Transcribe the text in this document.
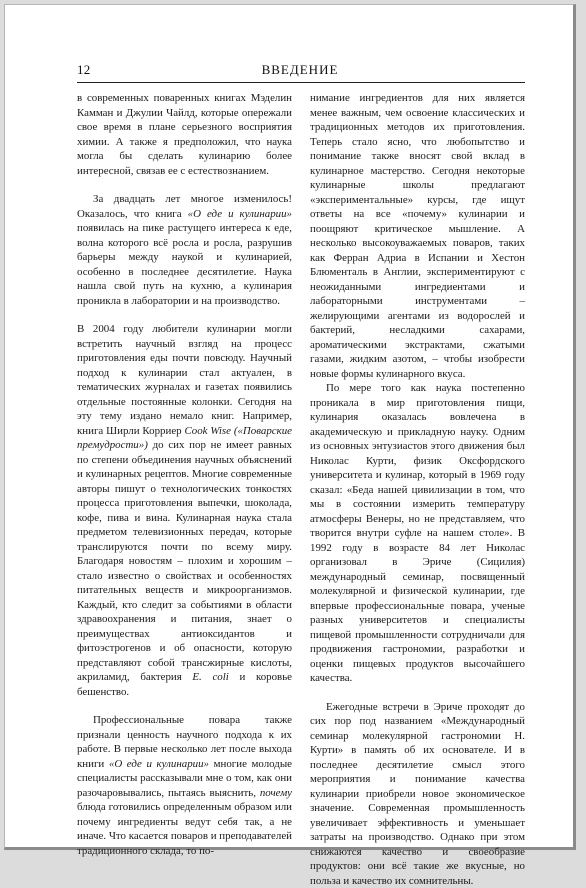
12	ВВЕДЕНИЕ

в современных поваренных книгах Мэделин Камман и Джулии Чайлд, которые опережали свое время в плане серьезного восприятия химии. А также я предположил, что наука могла бы сделать кулинарию более интересной, связав ее с естествознанием.

За двадцать лет многое изменилось! Оказалось, что книга «О еде и кулинарии» появилась на пике растущего интереса к еде, волна которого всё росла и росла, разрушив барьеры между наукой и кулинарией, особенно в последнее десятилетие. Наука нашла свой путь на кухню, а кулинария проникла в лаборатории и на производство.

В 2004 году любители кулинарии могли встретить научный взгляд на процесс приготовления еды почти повсюду. Научный подход к кулинарии стал актуален, в тематических журналах и газетах появились отдельные постоянные колонки. Сегодня на эту тему издано немало книг. Например, книга Ширли Корриер Cook Wise («Поварские премудрости») до сих пор не имеет равных по степени объединения научных объяснений и кулинарных рецептов. Многие современные авторы пишут о технологических тонкостях процесса приготовления выпечки, шоколада, кофе, пива и вина. Кулинарная наука стала предметом телевизионных передач, которые транслируются почти по всему миру. Благодаря новостям – плохим и хорошим – стало известно о свойствах и особенностях питательных веществ и микроорганизмов. Каждый, кто следит за событиями в области здравоохранения и питания, знает о преимуществах антиоксидантов и фитоэстрогенов и об опасности, которую представляют собой трансжирные кислоты, акриламид, бактерия E. coli и коровье бешенство.

Профессиональные повара также признали ценность научного подхода к их работе. В первые несколько лет после выхода книги «О еде и кулинарии» многие молодые специалисты рассказывали мне о том, как они разочаровывались, пытаясь выяснить, почему блюда готовились определенным образом или почему ингредиенты ведут себя так, а не иначе. Что касается поваров и преподавателей традиционного склада, то по-

нимание ингредиентов для них является менее важным, чем освоение классических и традиционных методов их приготовления. Теперь стало ясно, что любопытство и понимание также вносят свой вклад в кулинарное мастерство. Сегодня некоторые кулинарные школы предлагают «экспериментальные» курсы, где ищут ответы на все «почему» кулинарии и поощряют критическое мышление. А несколько высокоуважаемых поваров, таких как Ферран Адриа в Испании и Хестон Блюменталь в Англии, экспериментируют с неожиданными ингредиентами и лабораторными инструментами – желирующими агентами из водорослей и бактерий, несладкими сахарами, ароматическими экстрактами, сжатыми газами, жидким азотом, – чтобы изобрести новые формы кулинарного вкуса.

По мере того как наука постепенно проникала в мир приготовления пищи, кулинария оказалась вовлечена в академическую и прикладную науку. Одним из основных энтузиастов этого движения был Николас Курти, физик Оксфордского университета и кулинар, который в 1969 году сказал: «Беда нашей цивилизации в том, что мы в состоянии измерить температуру атмосферы Венеры, но не представляем, что творится внутри суфле на нашем столе». В 1992 году в возрасте 84 лет Николас организовал в Эриче (Сицилия) международный семинар, посвященный молекулярной и физической кулинарии, где впервые профессиональные повара, ученые разных университетов и специалисты пищевой промышленности сотрудничали для продвижения гастрономии, разработки и оценки пищевых продуктов высочайшего качества.

Ежегодные встречи в Эриче проходят до сих пор под названием «Международный семинар молекулярной гастрономии Н. Курти» в память об их основателе. И в последнее десятилетие смысл этого мероприятия и понимание качества кулинарии приобрели новое экономическое значение. Современная промышленность увеличивает эффективность и уменьшает затраты на производство. Однако при этом снижаются качество и своеобразие продуктов: они всё такие же вкусные, но польза и качество их сомнительны.
